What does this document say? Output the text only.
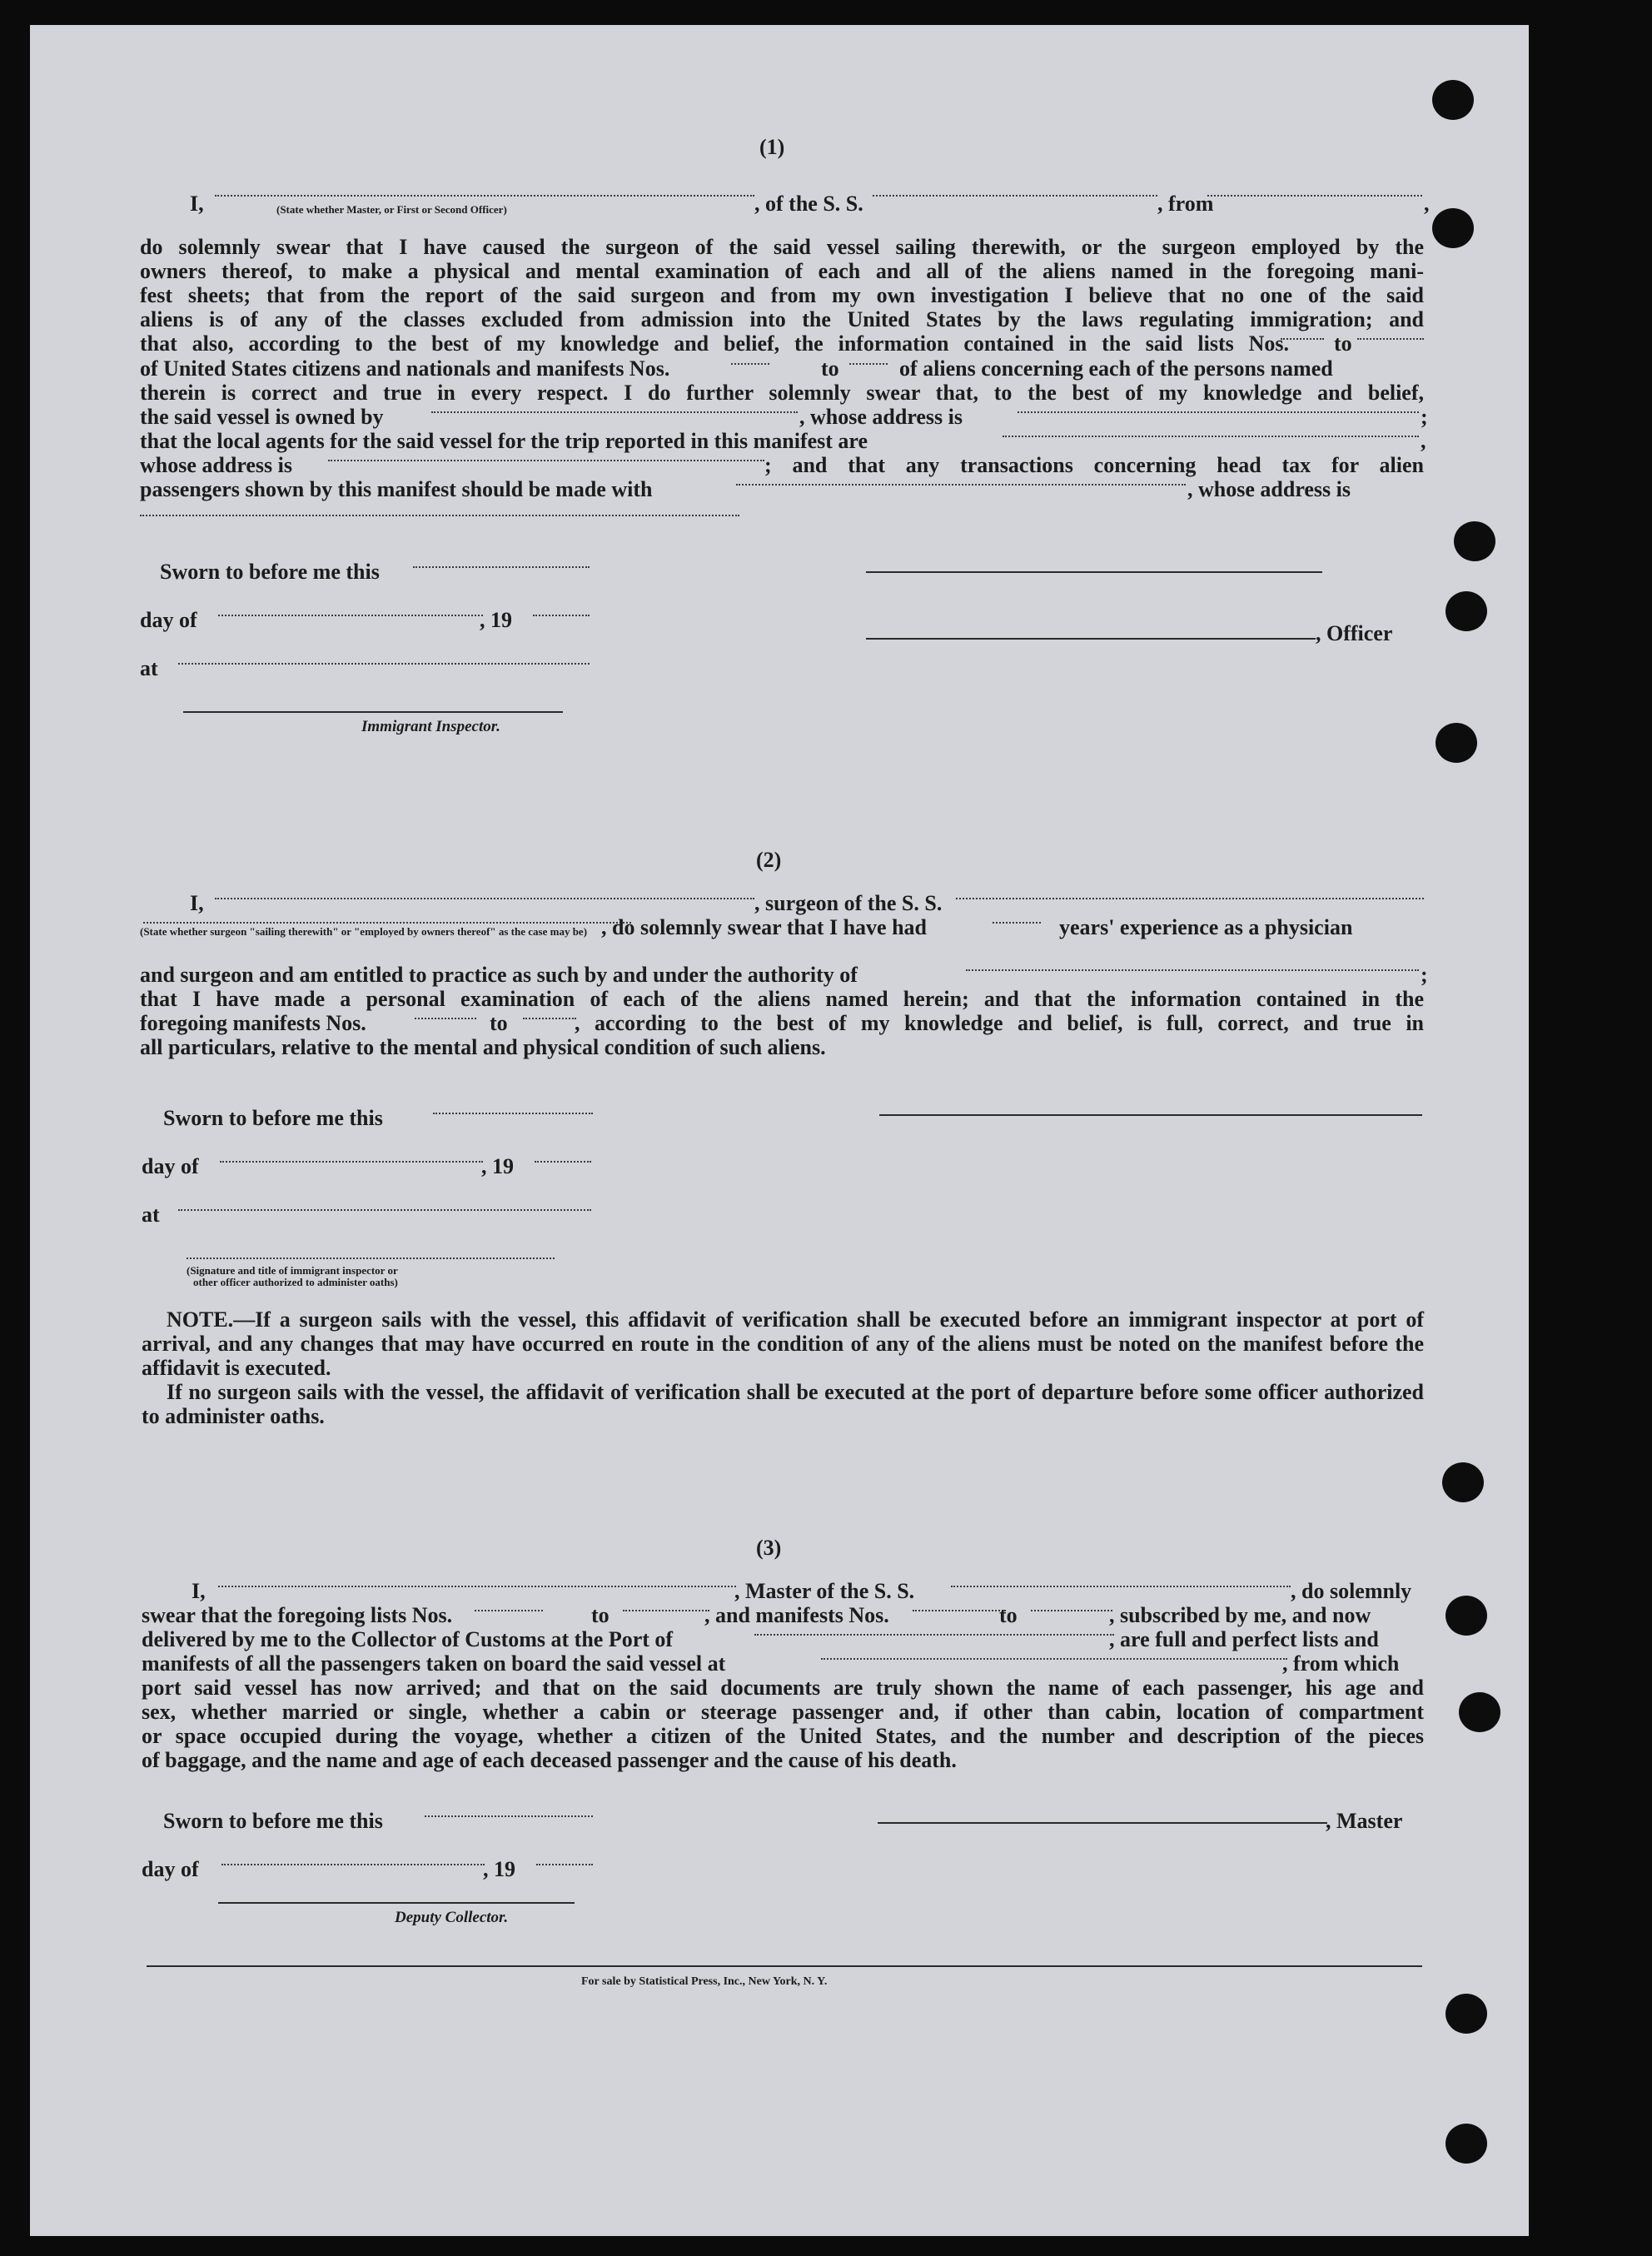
(1)
I,	(State whether Master, or First or Second Officer)	, of the S. S.	, from	,
do solemnly swear that I have caused the surgeon of the said vessel sailing therewith, or the surgeon employed by the
owners thereof, to make a physical and mental examination of each and all of the aliens named in the foregoing mani-
fest sheets; that from the report of the said surgeon and from my own investigation I believe that no one of the said
aliens is of any of the classes excluded from admission into the United States by the laws regulating immigration; and
that also, according to the best of my knowledge and belief, the information contained in the said lists Nos. to
of United States citizens and nationals and manifests Nos.	to	of aliens concerning each of the persons named
therein is correct and true in every respect. I do further solemnly swear that, to the best of my knowledge and belief,
the said vessel is owned by	, whose address is	;
that the local agents for the said vessel for the trip reported in this manifest are	,
whose address is	; and that any transactions concerning head tax for alien
passengers shown by this manifest should be made with	, whose address is
Sworn to before me this
day of	, 19
, Officer
at
Immigrant Inspector.
(2)
I,	, surgeon of the S. S.
, do solemnly swear that I have had	years' experience as a physician
(State whether surgeon "sailing therewith" or "employed by owners thereof" as the case may be)
and surgeon and am entitled to practice as such by and under the authority of	;
that I have made a personal examination of each of the aliens named herein; and that the information contained in the
foregoing manifests Nos.	to	, according to the best of my knowledge and belief, is full, correct, and true in
all particulars, relative to the mental and physical condition of such aliens.
Sworn to before me this
day of	, 19
at
(Signature and title of immigrant inspector or
other officer authorized to administer oaths)

NOTE.—If a surgeon sails with the vessel, this affidavit of verification shall be executed before an immigrant inspector at port of arrival, and any changes that may have occurred en route in the condition of any of the aliens must be noted on the manifest before the affidavit is executed.

If no surgeon sails with the vessel, the affidavit of verification shall be executed at the port of departure before some officer authorized to administer oaths.

(3)
I,	, Master of the S. S.	, do solemnly
swear that the foregoing lists Nos.	to	, and manifests Nos.	to	, subscribed by me, and now
delivered by me to the Collector of Customs at the Port of	, are full and perfect lists and
manifests of all the passengers taken on board the said vessel at	, from which
port said vessel has now arrived; and that on the said documents are truly shown the name of each passenger, his age and
sex, whether married or single, whether a cabin or steerage passenger and, if other than cabin, location of compartment
or space occupied during the voyage, whether a citizen of the United States, and the number and description of the pieces
of baggage, and the name and age of each deceased passenger and the cause of his death.
Sworn to before me this	, Master
day of	, 19
Deputy Collector.
For sale by Statistical Press, Inc., New York, N. Y.
